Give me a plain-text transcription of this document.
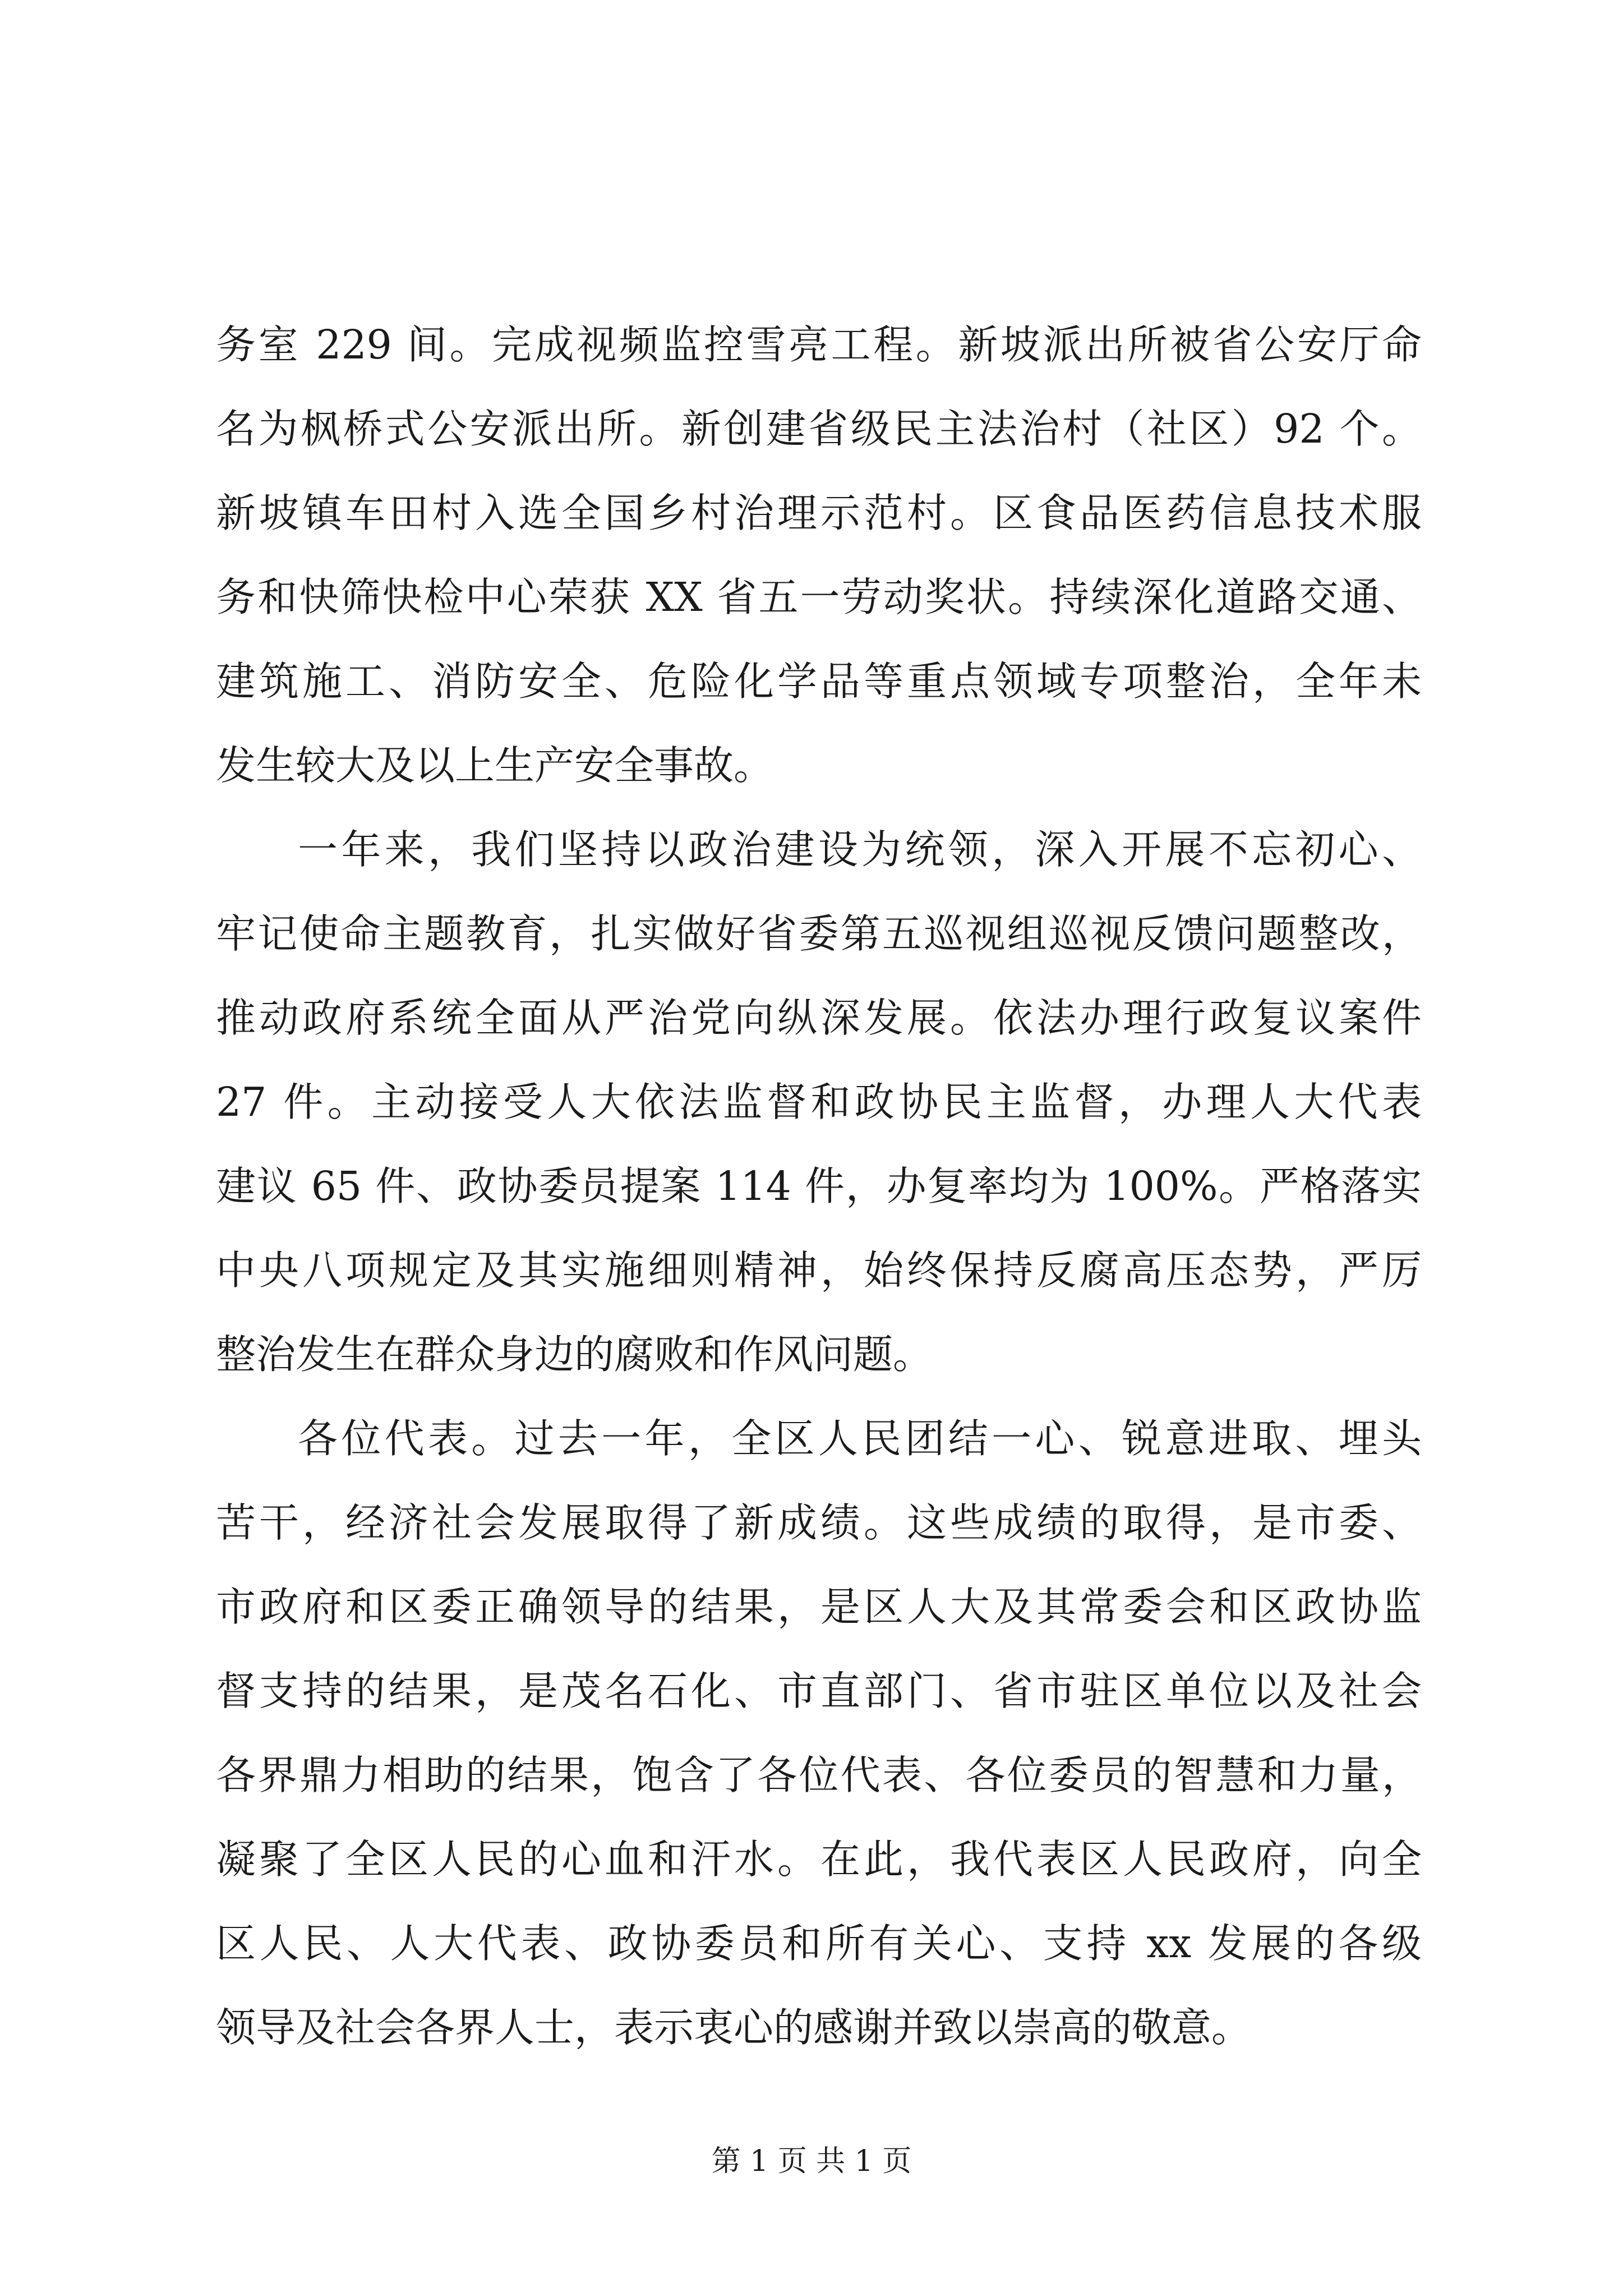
务室 229 间。完成视频监控雪亮工程。新坡派出所被省公安厅命
名为枫桥式公安派出所。新创建省级民主法治村（社区）92 个。
新坡镇车田村入选全国乡村治理示范村。区食品医药信息技术服
务和快筛快检中心荣获 XX 省五一劳动奖状。持续深化道路交通、
建筑施工、消防安全、危险化学品等重点领域专项整治，全年未
发生较大及以上生产安全事故。
一年来，我们坚持以政治建设为统领，深入开展不忘初心、
牢记使命主题教育，扎实做好省委第五巡视组巡视反馈问题整改，
推动政府系统全面从严治党向纵深发展。依法办理行政复议案件
27 件。主动接受人大依法监督和政协民主监督，办理人大代表
建议 65 件、政协委员提案 114 件，办复率均为 100%。严格落实
中央八项规定及其实施细则精神，始终保持反腐高压态势，严厉
整治发生在群众身边的腐败和作风问题。
各位代表。过去一年，全区人民团结一心、锐意进取、埋头
苦干，经济社会发展取得了新成绩。这些成绩的取得，是市委、
市政府和区委正确领导的结果，是区人大及其常委会和区政协监
督支持的结果，是茂名石化、市直部门、省市驻区单位以及社会
各界鼎力相助的结果，饱含了各位代表、各位委员的智慧和力量，
凝聚了全区人民的心血和汗水。在此，我代表区人民政府，向全
区人民、人大代表、政协委员和所有关心、支持 xx 发展的各级
领导及社会各界人士，表示衷心的感谢并致以崇高的敬意。
第 1 页 共 1 页
